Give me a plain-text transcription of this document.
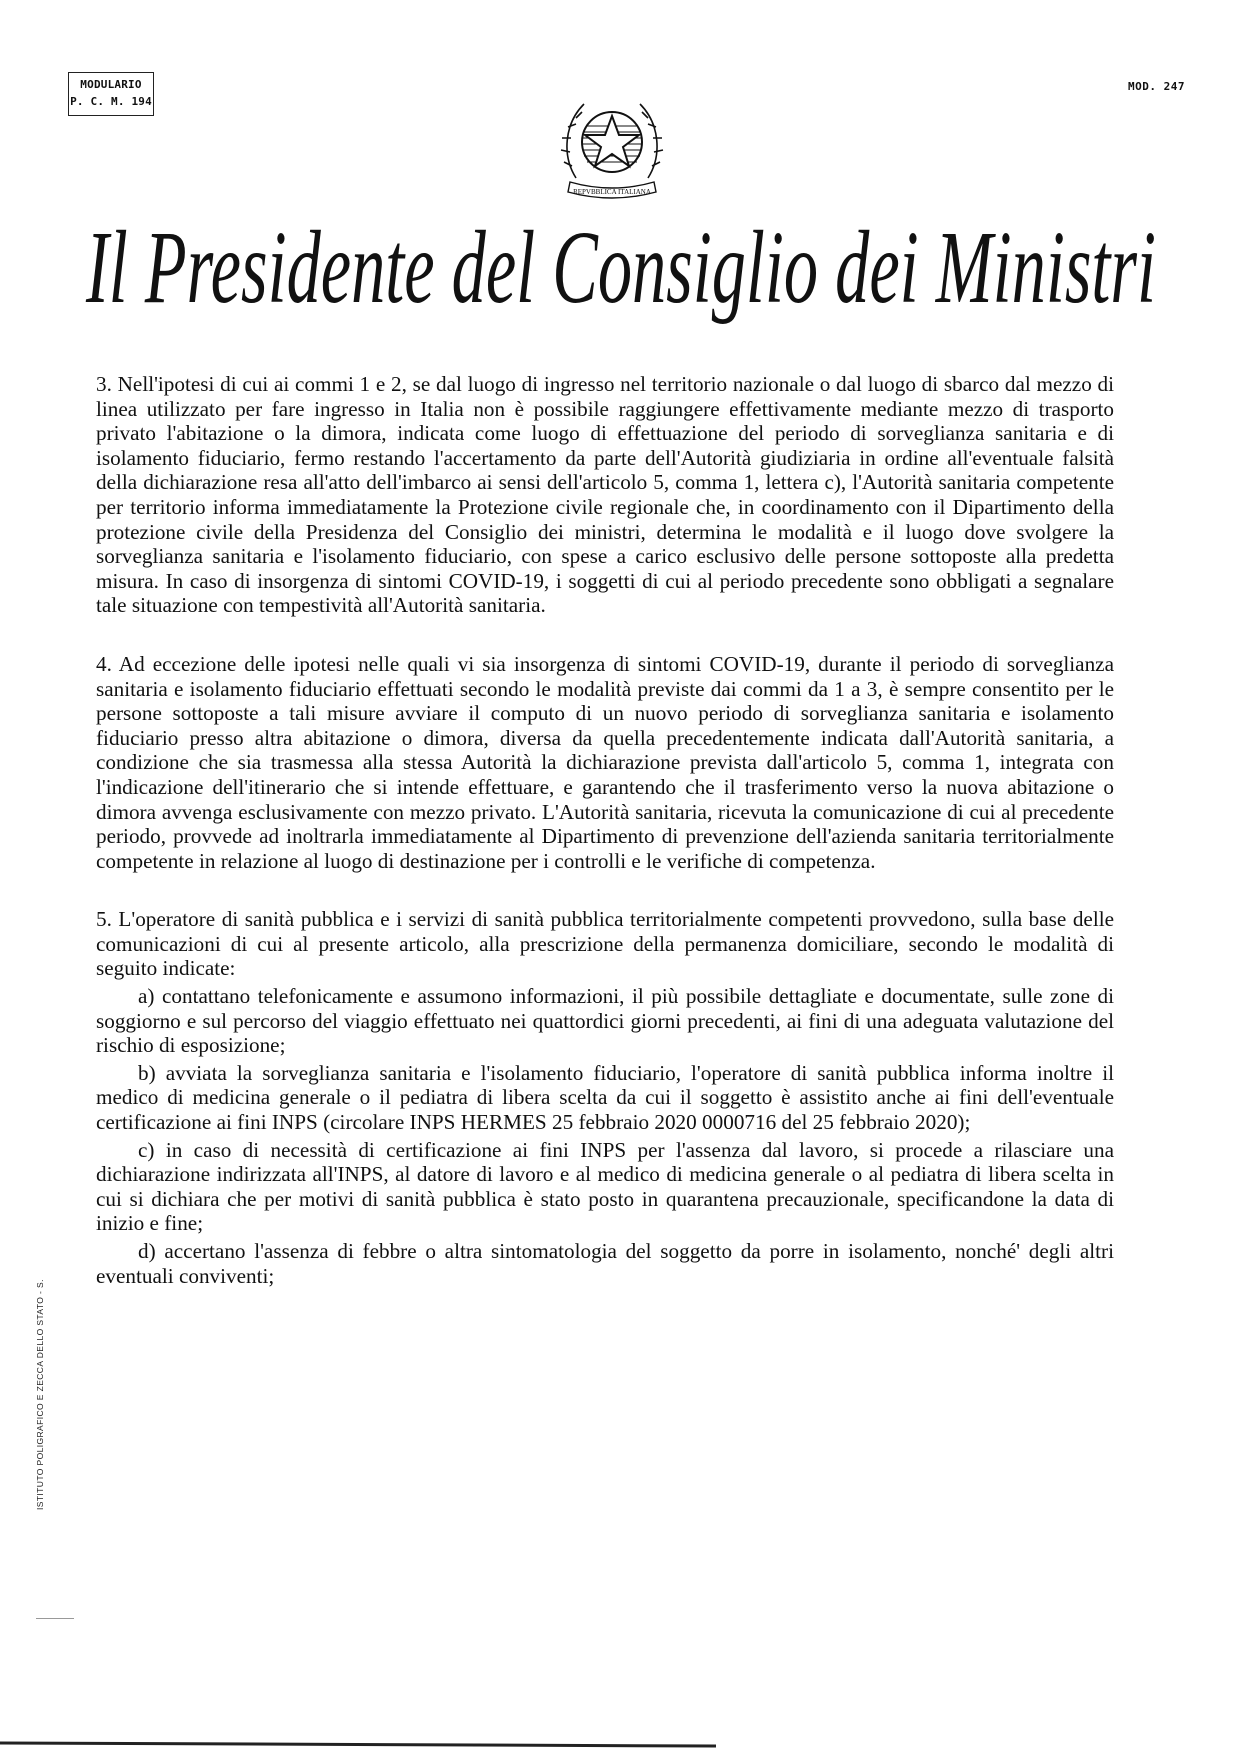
MODULARIO
P. C. M. 194
MOD. 247
REPVBBLICA ITALIANA
Il Presidente del Consiglio dei Ministri

3. Nell'ipotesi di cui ai commi 1 e 2, se dal luogo di ingresso nel territorio nazionale o dal luogo di sbarco dal mezzo di linea utilizzato per fare ingresso in Italia non è possibile raggiungere effettivamente mediante mezzo di trasporto privato l'abitazione o la dimora, indicata come luogo di effettuazione del periodo di sorveglianza sanitaria e di isolamento fiduciario, fermo restando l'accertamento da parte dell'Autorità giudiziaria in ordine all'eventuale falsità della dichiarazione resa all'atto dell'imbarco ai sensi dell'articolo 5, comma 1, lettera c), l'Autorità sanitaria competente per territorio informa immediatamente la Protezione civile regionale che, in coordinamento con il Dipartimento della protezione civile della Presidenza del Consiglio dei ministri, determina le modalità e il luogo dove svolgere la sorveglianza sanitaria e l'isolamento fiduciario, con spese a carico esclusivo delle persone sottoposte alla predetta misura. In caso di insorgenza di sintomi COVID-19, i soggetti di cui al periodo precedente sono obbligati a segnalare tale situazione con tempestività all'Autorità sanitaria.

4. Ad eccezione delle ipotesi nelle quali vi sia insorgenza di sintomi COVID-19, durante il periodo di sorveglianza sanitaria e isolamento fiduciario effettuati secondo le modalità previste dai commi da 1 a 3, è sempre consentito per le persone sottoposte a tali misure avviare il computo di un nuovo periodo di sorveglianza sanitaria e isolamento fiduciario presso altra abitazione o dimora, diversa da quella precedentemente indicata dall'Autorità sanitaria, a condizione che sia trasmessa alla stessa Autorità la dichiarazione prevista dall'articolo 5, comma 1, integrata con l'indicazione dell'itinerario che si intende effettuare, e garantendo che il trasferimento verso la nuova abitazione o dimora avvenga esclusivamente con mezzo privato. L'Autorità sanitaria, ricevuta la comunicazione di cui al precedente periodo, provvede ad inoltrarla immediatamente al Dipartimento di prevenzione dell'azienda sanitaria territorialmente competente in relazione al luogo di destinazione per i controlli e le verifiche di competenza.

5. L'operatore di sanità pubblica e i servizi di sanità pubblica territorialmente competenti provvedono, sulla base delle comunicazioni di cui al presente articolo, alla prescrizione della permanenza domiciliare, secondo le modalità di seguito indicate:

a) contattano telefonicamente e assumono informazioni, il più possibile dettagliate e documentate, sulle zone di soggiorno e sul percorso del viaggio effettuato nei quattordici giorni precedenti, ai fini di una adeguata valutazione del rischio di esposizione;

b) avviata la sorveglianza sanitaria e l'isolamento fiduciario, l'operatore di sanità pubblica informa inoltre il medico di medicina generale o il pediatra di libera scelta da cui il soggetto è assistito anche ai fini dell'eventuale certificazione ai fini INPS (circolare INPS HERMES 25 febbraio 2020 0000716 del 25 febbraio 2020);

c) in caso di necessità di certificazione ai fini INPS per l'assenza dal lavoro, si procede a rilasciare una dichiarazione indirizzata all'INPS, al datore di lavoro e al medico di medicina generale o al pediatra di libera scelta in cui si dichiara che per motivi di sanità pubblica è stato posto in quarantena precauzionale, specificandone la data di inizio e fine;

d) accertano l'assenza di febbre o altra sintomatologia del soggetto da porre in isolamento, nonché' degli altri eventuali conviventi;

ISTITUTO POLIGRAFICO E ZECCA DELLO STATO - S.
